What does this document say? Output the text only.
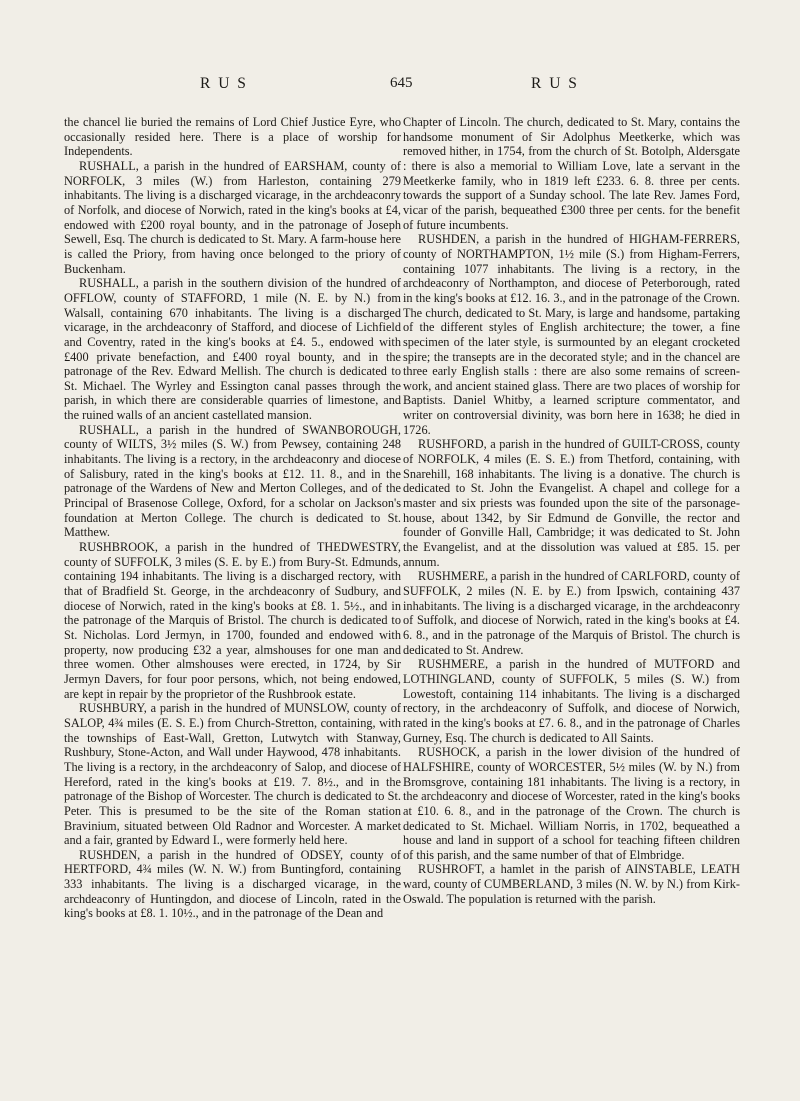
R U S	645	R U S

the chancel lie buried the remains of Lord Chief Justice Eyre, who occasionally resided here. There is a place of worship for Independents.

RUSHALL, a parish in the hundred of EARSHAM, county of NORFOLK, 3 miles (W.) from Harleston, containing 279 inhabitants. The living is a discharged vicarage, in the archdeaconry of Norfolk, and diocese of Norwich, rated in the king's books at £4, endowed with £200 royal bounty, and in the patronage of Joseph Sewell, Esq. The church is dedicated to St. Mary. A farm-house here is called the Priory, from having once belonged to the priory of Buckenham.

RUSHALL, a parish in the southern division of the hundred of OFFLOW, county of STAFFORD, 1 mile (N. E. by N.) from Walsall, containing 670 inhabitants. The living is a discharged vicarage, in the archdeaconry of Stafford, and diocese of Lichfield and Coventry, rated in the king's books at £4. 5., endowed with £400 private benefaction, and £400 royal bounty, and in the patronage of the Rev. Edward Mellish. The church is dedicated to St. Michael. The Wyrley and Essington canal passes through the parish, in which there are considerable quarries of limestone, and the ruined walls of an ancient castellated mansion.

RUSHALL, a parish in the hundred of SWANBOROUGH, county of WILTS, 3½ miles (S. W.) from Pewsey, containing 248 inhabitants. The living is a rectory, in the archdeaconry and diocese of Salisbury, rated in the king's books at £12. 11. 8., and in the patronage of the Wardens of New and Merton Colleges, and of the Principal of Brasenose College, Oxford, for a scholar on Jackson's foundation at Merton College. The church is dedicated to St. Matthew.

RUSHBROOK, a parish in the hundred of THEDWESTRY, county of SUFFOLK, 3 miles (S. E. by E.) from Bury-St. Edmunds, containing 194 inhabitants. The living is a discharged rectory, with that of Bradfield St. George, in the archdeaconry of Sudbury, and diocese of Norwich, rated in the king's books at £8. 1. 5½., and in the patronage of the Marquis of Bristol. The church is dedicated to St. Nicholas. Lord Jermyn, in 1700, founded and endowed with property, now producing £32 a year, almshouses for one man and three women. Other almshouses were erected, in 1724, by Sir Jermyn Davers, for four poor persons, which, not being endowed, are kept in repair by the proprietor of the Rushbrook estate.

RUSHBURY, a parish in the hundred of MUNSLOW, county of SALOP, 4¾ miles (E. S. E.) from Church-Stretton, containing, with the townships of East-Wall, Gretton, Lutwytch with Stanway, Rushbury, Stone-Acton, and Wall under Haywood, 478 inhabitants. The living is a rectory, in the archdeaconry of Salop, and diocese of Hereford, rated in the king's books at £19. 7. 8½., and in the patronage of the Bishop of Worcester. The church is dedicated to St. Peter. This is presumed to be the site of the Roman station Bravinium, situated between Old Radnor and Worcester. A market and a fair, granted by Edward I., were formerly held here.

RUSHDEN, a parish in the hundred of ODSEY, county of HERTFORD, 4¾ miles (W. N. W.) from Buntingford, containing 333 inhabitants. The living is a discharged vicarage, in the archdeaconry of Huntingdon, and diocese of Lincoln, rated in the king's books at £8. 1. 10½., and in the patronage of the Dean and

Chapter of Lincoln. The church, dedicated to St. Mary, contains the handsome monument of Sir Adolphus Meetkerke, which was removed hither, in 1754, from the church of St. Botolph, Aldersgate : there is also a memorial to William Love, late a servant in the Meetkerke family, who in 1819 left £233. 6. 8. three per cents. towards the support of a Sunday school. The late Rev. James Ford, vicar of the parish, bequeathed £300 three per cents. for the benefit of future incumbents.

RUSHDEN, a parish in the hundred of HIGHAM-FERRERS, county of NORTHAMPTON, 1½ mile (S.) from Higham-Ferrers, containing 1077 inhabitants. The living is a rectory, in the archdeaconry of Northampton, and diocese of Peterborough, rated in the king's books at £12. 16. 3., and in the patronage of the Crown. The church, dedicated to St. Mary, is large and handsome, partaking of the different styles of English architecture; the tower, a fine specimen of the later style, is surmounted by an elegant crocketed spire; the transepts are in the decorated style; and in the chancel are three early English stalls : there are also some remains of screen-work, and ancient stained glass. There are two places of worship for Baptists. Daniel Whitby, a learned scripture commentator, and writer on controversial divinity, was born here in 1638; he died in 1726.

RUSHFORD, a parish in the hundred of GUILT-CROSS, county of NORFOLK, 4 miles (E. S. E.) from Thetford, containing, with Snarehill, 168 inhabitants. The living is a donative. The church is dedicated to St. John the Evangelist. A chapel and college for a master and six priests was founded upon the site of the parsonage-house, about 1342, by Sir Edmund de Gonville, the rector and founder of Gonville Hall, Cambridge; it was dedicated to St. John the Evangelist, and at the dissolution was valued at £85. 15. per annum.

RUSHMERE, a parish in the hundred of CARLFORD, county of SUFFOLK, 2 miles (N. E. by E.) from Ipswich, containing 437 inhabitants. The living is a discharged vicarage, in the archdeaconry of Suffolk, and diocese of Norwich, rated in the king's books at £4. 6. 8., and in the patronage of the Marquis of Bristol. The church is dedicated to St. Andrew.

RUSHMERE, a parish in the hundred of MUTFORD and LOTHINGLAND, county of SUFFOLK, 5 miles (S. W.) from Lowestoft, containing 114 inhabitants. The living is a discharged rectory, in the archdeaconry of Suffolk, and diocese of Norwich, rated in the king's books at £7. 6. 8., and in the patronage of Charles Gurney, Esq. The church is dedicated to All Saints.

RUSHOCK, a parish in the lower division of the hundred of HALFSHIRE, county of WORCESTER, 5½ miles (W. by N.) from Bromsgrove, containing 181 inhabitants. The living is a rectory, in the archdeaconry and diocese of Worcester, rated in the king's books at £10. 6. 8., and in the patronage of the Crown. The church is dedicated to St. Michael. William Norris, in 1702, bequeathed a house and land in support of a school for teaching fifteen children of this parish, and the same number of that of Elmbridge.

RUSHROFT, a hamlet in the parish of AINSTABLE, LEATH ward, county of CUMBERLAND, 3 miles (N. W. by N.) from Kirk-Oswald. The population is returned with the parish.
